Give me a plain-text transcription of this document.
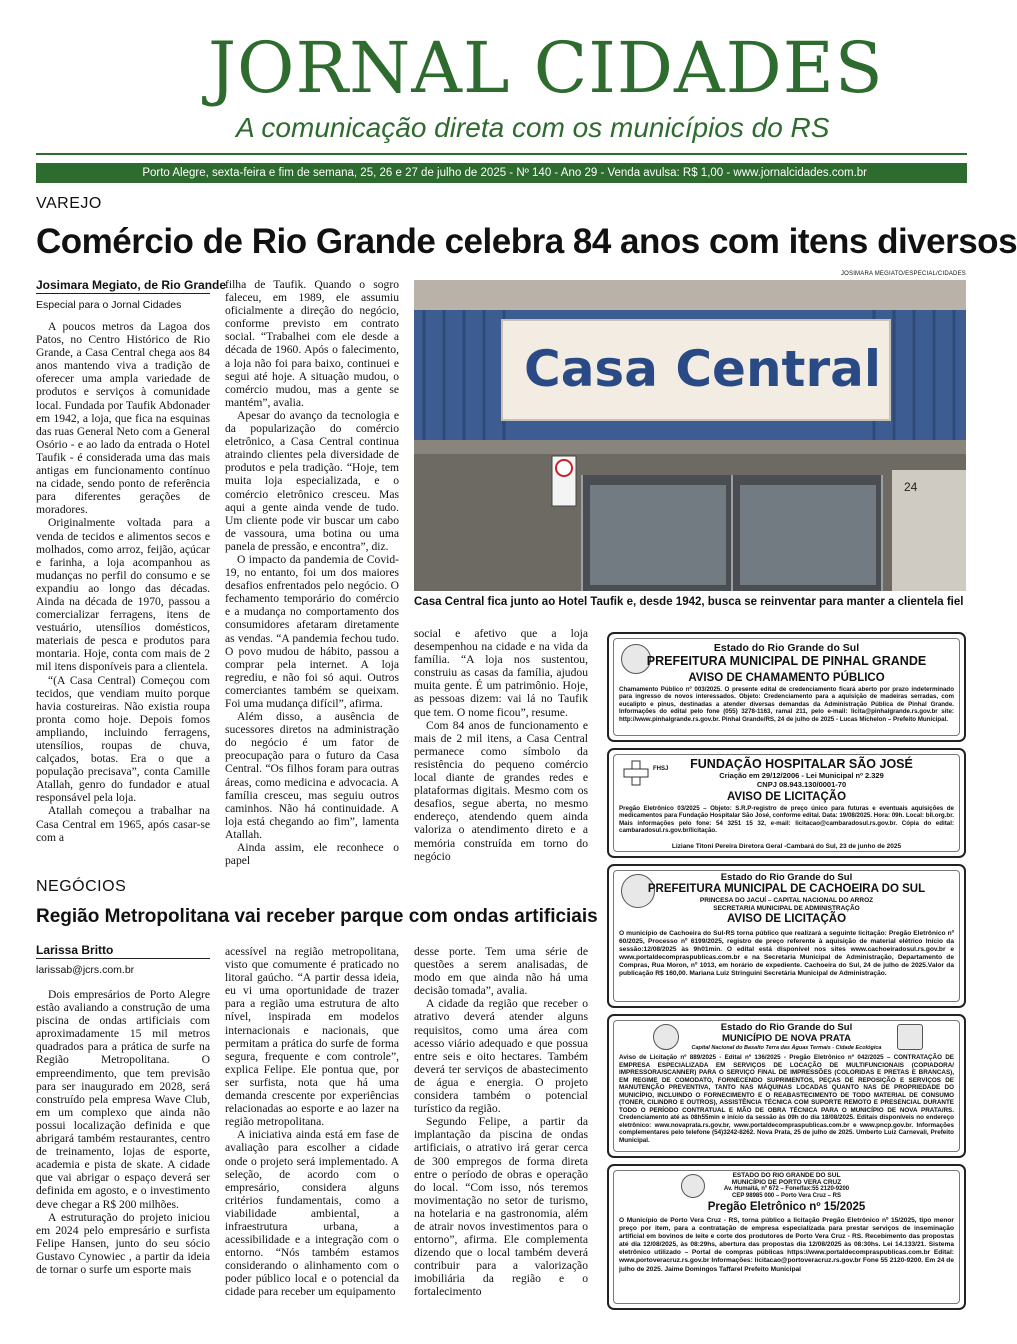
JORNAL CIDADES
A comunicação direta com os municípios do RS
Porto Alegre, sexta-feira e fim de semana, 25, 26 e 27 de julho de 2025 - Nº 140 - Ano 29 - Venda avulsa: R$ 1,00 - www.jornalcidades.com.br
VAREJO
Comércio de Rio Grande celebra 84 anos com itens diversos
Josimara Megiato, de Rio Grande
Especial para o Jornal Cidades

A poucos metros da Lagoa dos Patos, no Centro Histórico de Rio Grande, a Casa Central chega aos 84 anos mantendo viva a tradição de oferecer uma ampla variedade de produtos e serviços à comunidade local. Fundada por Taufik Abdonader em 1942, a loja, que fica na esquinas das ruas General Neto com a General Osório - e ao lado da entrada o Hotel Taufik - é considerada uma das mais antigas em funcionamento contínuo na cidade, sendo ponto de referência para diferentes gerações de moradores.

Originalmente voltada para a venda de tecidos e alimentos secos e molhados, como arroz, feijão, açúcar e farinha, a loja acompanhou as mudanças no perfil do consumo e se expandiu ao longo das décadas. Ainda na década de 1970, passou a comercializar ferragens, itens de vestuário, utensílios domésticos, materiais de pesca e produtos para montaria. Hoje, conta com mais de 2 mil itens disponíveis para a clientela.

“(A Casa Central) Começou com tecidos, que vendiam muito porque havia costureiras. Não existia roupa pronta como hoje. Depois fomos ampliando, incluindo ferragens, utensílios, roupas de chuva, calçados, botas. Era o que a população precisava”, conta Camille Atallah, genro do fundador e atual responsável pela loja.

Atallah começou a trabalhar na Casa Central em 1965, após casar-se com a

filha de Taufik. Quando o sogro faleceu, em 1989, ele assumiu oficialmente a direção do negócio, conforme previsto em contrato social. “Trabalhei com ele desde a década de 1960. Após o falecimento, a loja não foi para baixo, continuei e segui até hoje. A situação mudou, o comércio mudou, mas a gente se mantém”, avalia.

Apesar do avanço da tecnologia e da popularização do comércio eletrônico, a Casa Central continua atraindo clientes pela diversidade de produtos e pela tradição. “Hoje, tem muita loja especializada, e o comércio eletrônico cresceu. Mas aqui a gente ainda vende de tudo. Um cliente pode vir buscar um cabo de vassoura, uma botina ou uma panela de pressão, e encontra”, diz.

O impacto da pandemia de Covid-19, no entanto, foi um dos maiores desafios enfrentados pelo negócio. O fechamento temporário do comércio e a mudança no comportamento dos consumidores afetaram diretamente as vendas. “A pandemia fechou tudo. O povo mudou de hábito, passou a comprar pela internet. A loja regrediu, e não foi só aqui. Outros comerciantes também se queixam. Foi uma mudança difícil”, afirma.

Além disso, a ausência de sucessores diretos na administração do negócio é um fator de preocupação para o futuro da Casa Central. “Os filhos foram para outras áreas, como medicina e advocacia. A família cresceu, mas seguiu outros caminhos. Não há continuidade. A loja está chegando ao fim”, lamenta Atallah.

Ainda assim, ele reconhece o papel

social e afetivo que a loja desempenhou na cidade e na vida da família. “A loja nos sustentou, construiu as casas da família, ajudou muita gente. É um patrimônio. Hoje, as pessoas dizem: vai lá no Taufik que tem. O nome ficou”, resume.

Com 84 anos de funcionamento e mais de 2 mil itens, a Casa Central permanece como símbolo da resistência do pequeno comércio local diante de grandes redes e plataformas digitais. Mesmo com os desafios, segue aberta, no mesmo endereço, atendendo quem ainda valoriza o atendimento direto e a memória construída em torno do negócio

JOSIMARA MEGIATO/ESPECIAL/CIDADES
Casa Central
24
Casa Central fica junto ao Hotel Taufik e, desde 1942, busca se reinventar para manter a clientela fiel
NEGÓCIOS
Região Metropolitana vai receber parque com ondas artificiais
Larissa Britto
larissab@jcrs.com.br

Dois empresários de Porto Alegre estão avaliando a construção de uma piscina de ondas artificiais com aproximadamente 15 mil metros quadrados para a prática de surfe na Região Metropolitana. O empreendimento, que tem previsão para ser inaugurado em 2028, será construído pela empresa Wave Club, em um complexo que ainda não possui localização definida e que abrigará também restaurantes, centro de treinamento, lojas de esporte, academia e pista de skate. A cidade que vai abrigar o espaço deverá ser definida em agosto, e o investimento deve chegar a R$ 200 milhões.

A estruturação do projeto iniciou em 2024 pelo empresário e surfista Felipe Hansen, junto do seu sócio Gustavo Cynowiec , a partir da ideia de tornar o surfe um esporte mais

acessível na região metropolitana, visto que comumente é praticado no litoral gaúcho. “A partir dessa ideia, eu vi uma oportunidade de trazer para a região uma estrutura de alto nível, inspirada em modelos internacionais e nacionais, que permitam a prática do surfe de forma segura, frequente e com controle”, explica Felipe. Ele pontua que, por ser surfista, nota que há uma demanda crescente por experiências relacionadas ao esporte e ao lazer na região metropolitana.

A iniciativa ainda está em fase de avaliação para escolher a cidade onde o projeto será implementado. A seleção, de acordo com o empresário, considera alguns critérios fundamentais, como a viabilidade ambiental, a infraestrutura urbana, a acessibilidade e a integração com o entorno. “Nós também estamos considerando o alinhamento com o poder público local e o potencial da cidade para receber um equipamento

desse porte. Tem uma série de questões a serem analisadas, de modo em que ainda não há uma decisão tomada”, avalia.

A cidade da região que receber o atrativo deverá atender alguns requisitos, como uma área com acesso viário adequado e que possua entre seis e oito hectares. Também deverá ter serviços de abastecimento de água e energia. O projeto considera também o potencial turístico da região.

Segundo Felipe, a partir da implantação da piscina de ondas artificiais, o atrativo irá gerar cerca de 300 empregos de forma direta entre o período de obras e operação do local. “Com isso, nós teremos movimentação no setor de turismo, na hotelaria e na gastronomia, além de atrair novos investimentos para o entorno”, afirma. Ele complementa dizendo que o local também deverá contribuir para a valorização imobiliária da região e o fortalecimento

Estado do Rio Grande do Sul
PREFEITURA MUNICIPAL DE PINHAL GRANDE
AVISO DE CHAMAMENTO PÚBLICO
Chamamento Público nº 003/2025. O presente edital de credenciamento ficará aberto por prazo indeterminado para ingresso de novos interessados. Objeto: Credenciamento para a aquisição de madeiras serradas, com eucalipto e pinus, destinadas a atender diversas demandas da Administração Pública de Pinhal Grande. Informações do edital pelo fone (055) 3278-1163, ramal 211, pelo e-mail: licita@pinhalgrande.rs.gov.br site: http://www.pinhalgrande.rs.gov.br. Pinhal Grande/RS, 24 de julho de 2025 - Lucas Michelon – Prefeito Municipal.
FHSJ	FUNDAÇÃO HOSPITALAR SÃO JOSÉ
Criação em 29/12/2006 - Lei Municipal nº 2.329
CNPJ 08.943.130/0001-70
AVISO DE LICITAÇÃO
Pregão Eletrônico 03/2025 – Objeto: S.R.P-registro de preço único para futuras e eventuais aquisições de medicamentos para Fundação Hospitalar São José, conforme edital. Data: 19/08/2025. Hora: 09h. Local: bll.org.br. Mais informações pelo fone: 54 3251 15 32, e-mail: licitacao@cambaradosul.rs.gov.br. Cópia do edital: cambaradosul.rs.gov.br/licitação.
Liziane Titoni Pereira Diretora Geral -Cambará do Sul, 23 de junho de 2025
Estado do Rio Grande do Sul
PREFEITURA MUNICIPAL DE CACHOEIRA DO SUL
PRINCESA DO JACUÍ – CAPITAL NACIONAL DO ARROZ
SECRETARIA MUNICIPAL DE ADMINISTRAÇÃO
AVISO DE LICITAÇÃO
O município de Cachoeira do Sul-RS torna público que realizará a seguinte licitação: Pregão Eletrônico nº 60/2025, Processo nº 6199/2025, registro de preço referente à aquisição de material elétrico Início da sessão:12/08/2025 às 9h01min. O edital está disponível nos sites www.cachoeiradosul.rs.gov.br e www.portaldecompraspublicas.com.br e na Secretaria Municipal de Administração, Departamento de Compras, Rua Moron, nº 1013, em horário de expediente. Cachoeira do Sul, 24 de julho de 2025.Valor da publicação R$ 160,00. Mariana Luiz Stringuini Secretária Municipal de Administração.
Estado do Rio Grande do Sul
MUNICÍPIO DE NOVA PRATA
Capital Nacional do Basalto Terra das Águas Termais - Cidade Ecológica
Aviso de Licitação nº 889/2025 - Edital nº 136/2025 - Pregão Eletrônico nº 042/2025 – CONTRATAÇÃO DE EMPRESA ESPECIALIZADA EM SERVIÇOS DE LOCAÇÃO DE MULTIFUNCIONAIS (COPIADORA/ IMPRESSORA/SCANNER) PARA O SERVIÇO FINAL DE IMPRESSÕES (COLORIDAS E PRETAS E BRANCAS), EM REGIME DE COMODATO, FORNECENDO SUPRIMENTOS, PEÇAS DE REPOSIÇÃO E SERVIÇOS DE MANUTENÇÃO PREVENTIVA, TANTO NAS MÁQUINAS LOCADAS QUANTO NAS DE PROPRIEDADE DO MUNICÍPIO, INCLUINDO O FORNECIMENTO E O REABASTECIMENTO DE TODO MATERIAL DE CONSUMO (TONER, CILINDRO E OUTROS), ASSISTÊNCIA TÉCNICA COM SUPORTE REMOTO E PRESENCIAL DURANTE TODO O PERÍODO CONTRATUAL E MÃO DE OBRA TÉCNICA PARA O MUNICÍPIO DE NOVA PRATA/RS. Credenciamento até as 08h55min e início da sessão às 09h do dia 18/08/2025. Editais disponíveis no endereço eletrônico: www.novaprata.rs.gov.br, www.portaldecompraspublicas.com.br e www.pncp.gov.br. Informações complementares pelo telefone (54)3242-8262. Nova Prata, 25 de julho de 2025. Umberto Luiz Carnevali, Prefeito Municipal.
ESTADO DO RIO GRANDE DO SUL
MUNICÍPIO DE PORTO VERA CRUZ
Av. Humaitá, nº 672 – Fone/fax:55 2120-9200
CEP 98985 000 – Porto Vera Cruz – RS
Pregão Eletrônico nº 15/2025
O Município de Porto Vera Cruz - RS, torna público a licitação Pregão Eletrônico nº 15/2025, tipo menor preço por item, para a contratação de empresa especializada para prestar serviços de inseminação artificial em bovinos de leite e corte dos produtores de Porto Vera Cruz - RS. Recebimento das propostas até dia 12/08/2025, às 08:29hs, abertura das propostas dia 12/08/2025 às 08:30hs. Lei 14.133/21. Sistema eletrônico utilizado – Portal de compras públicas https://www.portaldecompraspublicas.com.br Edital: www.portoveracruz.rs.gov.br Informações: licitacao@portoveracruz.rs.gov.br Fone 55 2120-9200. Em 24 de julho de 2025. Jaime Domingos Taffarel Prefeito Municipal
